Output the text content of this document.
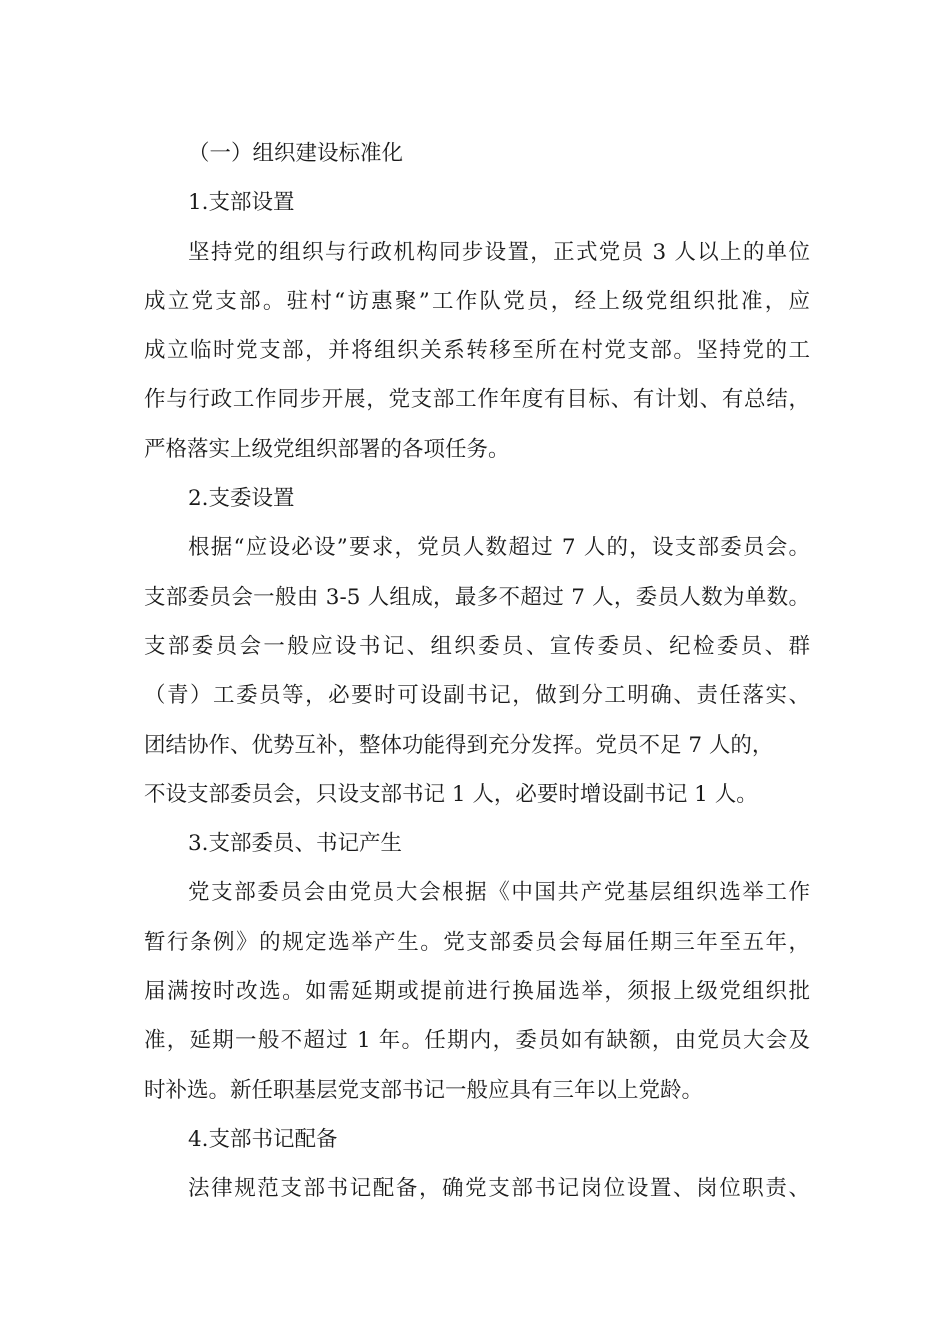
（一）组织建设标准化
1.支部设置
坚持党的组织与行政机构同步设置，正式党员 3 人以上的单位
成立党支部。驻村“访惠聚”工作队党员，经上级党组织批准，应
成立临时党支部，并将组织关系转移至所在村党支部。坚持党的工
作与行政工作同步开展，党支部工作年度有目标、有计划、有总结，
严格落实上级党组织部署的各项任务。
2.支委设置
根据“应设必设”要求，党员人数超过 7 人的，设支部委员会。
支部委员会一般由 3-5 人组成，最多不超过 7 人，委员人数为单数。
支部委员会一般应设书记、组织委员、宣传委员、纪检委员、群
（青）工委员等，必要时可设副书记，做到分工明确、责任落实、
团结协作、优势互补，整体功能得到充分发挥。党员不足 7 人的，
不设支部委员会，只设支部书记 1 人，必要时增设副书记 1 人。
3.支部委员、书记产生
党支部委员会由党员大会根据《中国共产党基层组织选举工作
暂行条例》的规定选举产生。党支部委员会每届任期三年至五年，
届满按时改选。如需延期或提前进行换届选举，须报上级党组织批
准，延期一般不超过 1 年。任期内，委员如有缺额，由党员大会及
时补选。新任职基层党支部书记一般应具有三年以上党龄。
4.支部书记配备
法律规范支部书记配备，确党支部书记岗位设置、岗位职责、
